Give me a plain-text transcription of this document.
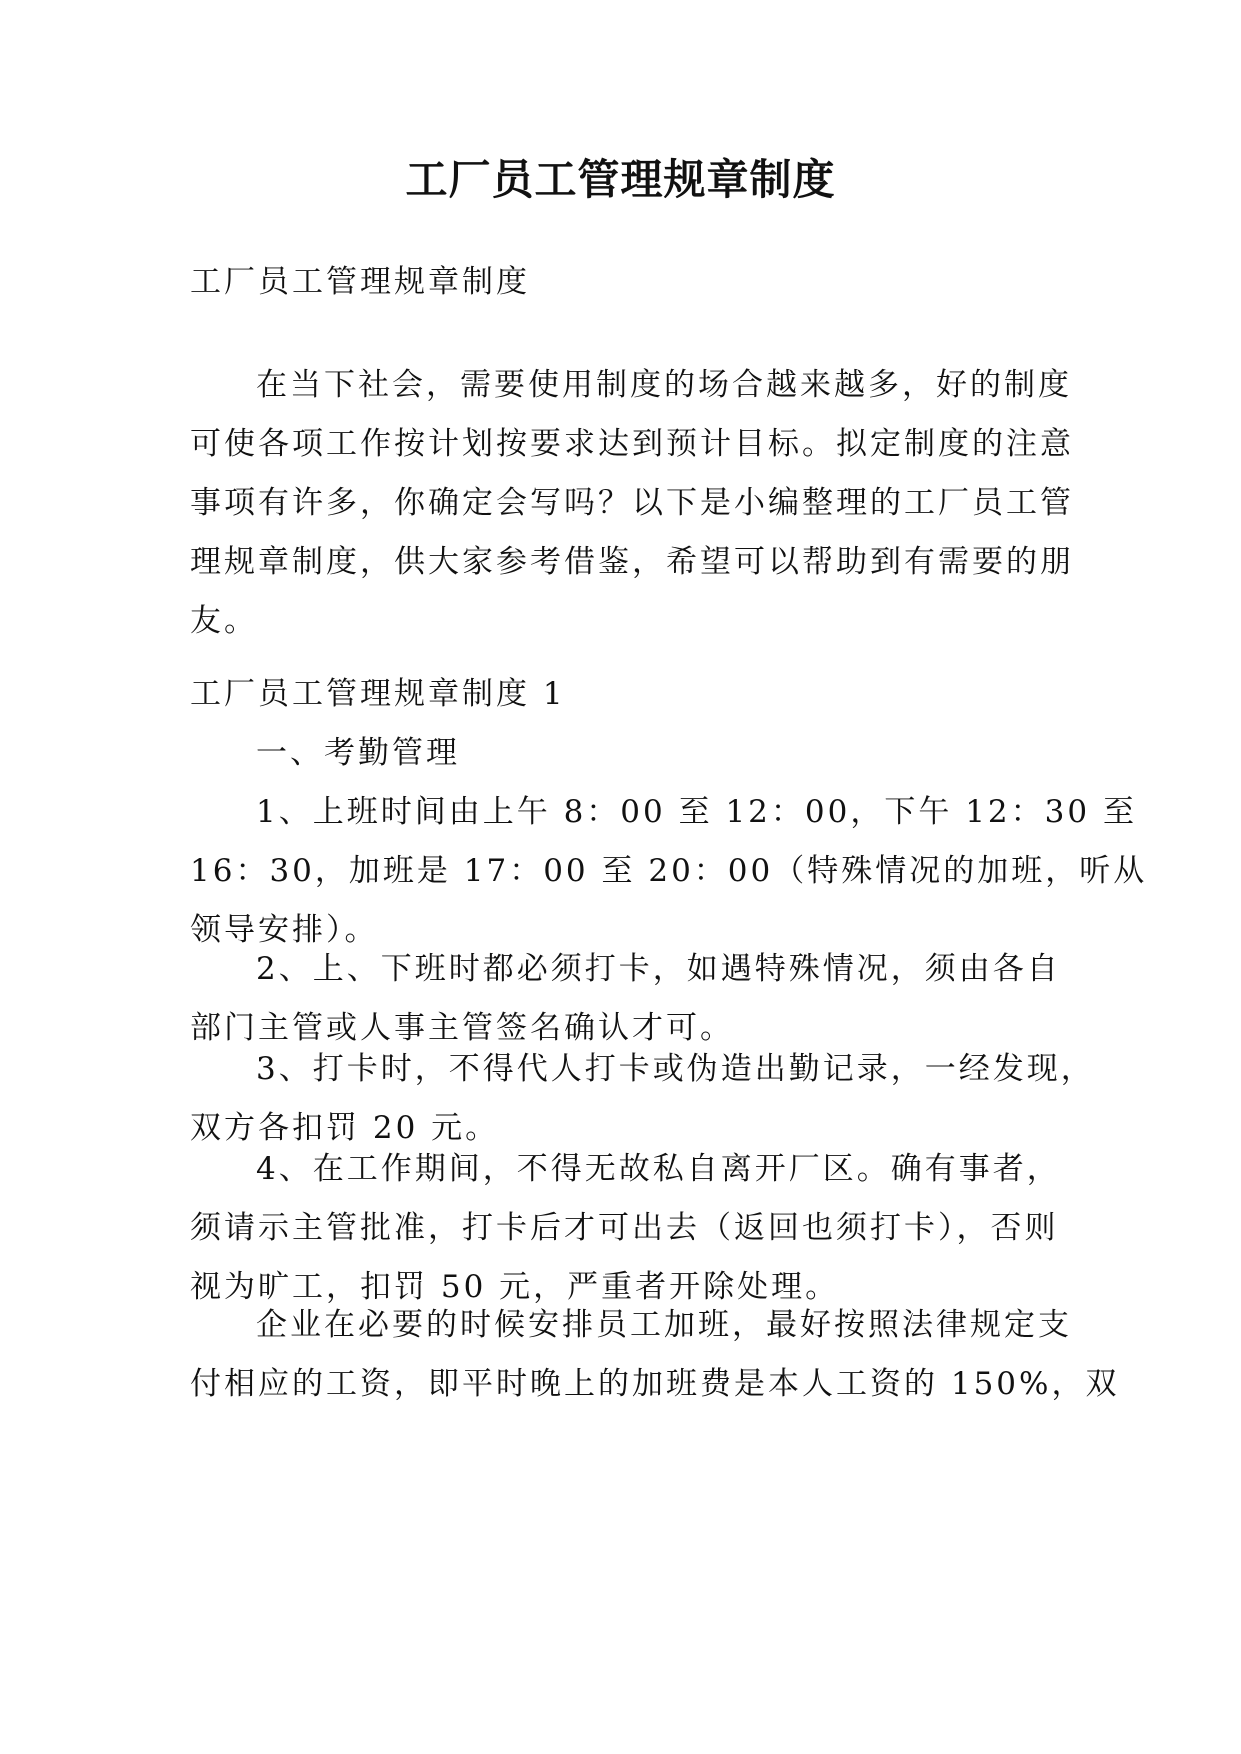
工厂员工管理规章制度

工厂员工管理规章制度

在当下社会，需要使用制度的场合越来越多，好的制度
可使各项工作按计划按要求达到预计目标。拟定制度的注意
事项有许多，你确定会写吗？以下是小编整理的工厂员工管
理规章制度，供大家参考借鉴，希望可以帮助到有需要的朋
友。

工厂员工管理规章制度 1

一、考勤管理

1、上班时间由上午 8：00 至 12：00，下午 12：30 至
16：30，加班是 17：00 至 20：00（特殊情况的加班，听从
领导安排）。

2、上、下班时都必须打卡，如遇特殊情况，须由各自
部门主管或人事主管签名确认才可。

3、打卡时，不得代人打卡或伪造出勤记录，一经发现，
双方各扣罚 20 元。

4、在工作期间，不得无故私自离开厂区。确有事者，
须请示主管批准，打卡后才可出去（返回也须打卡），否则
视为旷工，扣罚 50 元，严重者开除处理。

企业在必要的时候安排员工加班，最好按照法律规定支
付相应的工资，即平时晚上的加班费是本人工资的 150%，双
